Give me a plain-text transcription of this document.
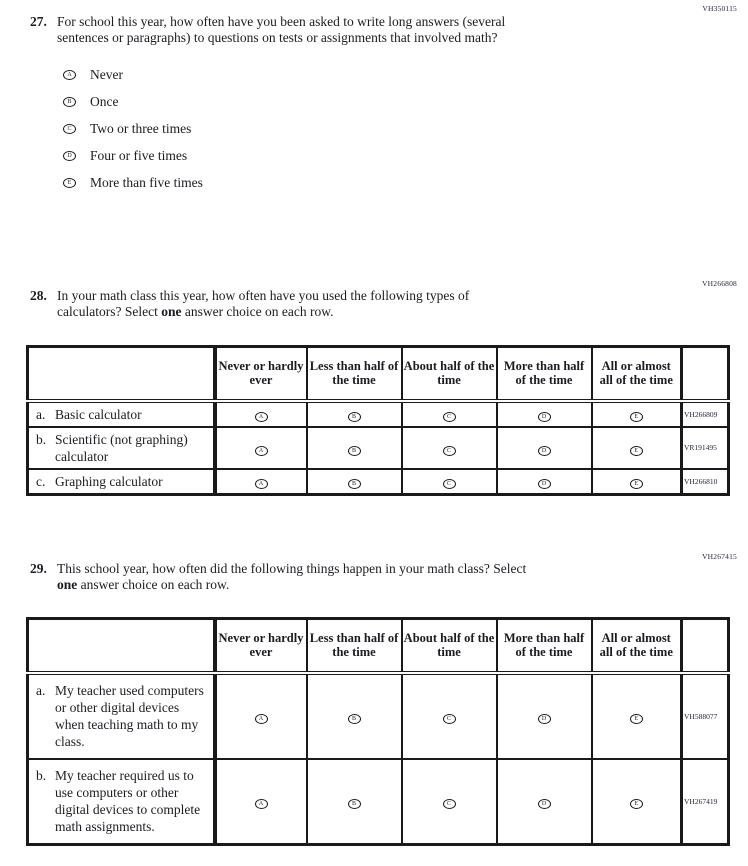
VH350115
27. For school this year, how often have you been asked to write long answers (several
sentences or paragraphs) to questions on tests or assignments that involved math?
A Never
B Once
C Two or three times
D Four or five times
E More than five times
VH266808
28. In your math class this year, how often have you used the following types of
calculators? Select one answer choice on each row.
	Never or hardly ever	Less than half of the time	About half of the time	More than half of the time	All or almost all of the time	

a. Basic calculator	A	B	C	D	E	VH266809

b. Scientific (not graphing) calculator	A	B	C	D	E	VR191495

c. Graphing calculator	A	B	C	D	E	VH266810
VH267415
29. This school year, how often did the following things happen in your math class? Select
one answer choice on each row.
	Never or hardly ever	Less than half of the time	About half of the time	More than half of the time	All or almost all of the time	

a. My teacher used computers or other digital devices when teaching math to my class.	A	B	C	D	E	VH588077

b. My teacher required us to use computers or other digital devices to complete math assignments.	A	B	C	D	E	VH267419
